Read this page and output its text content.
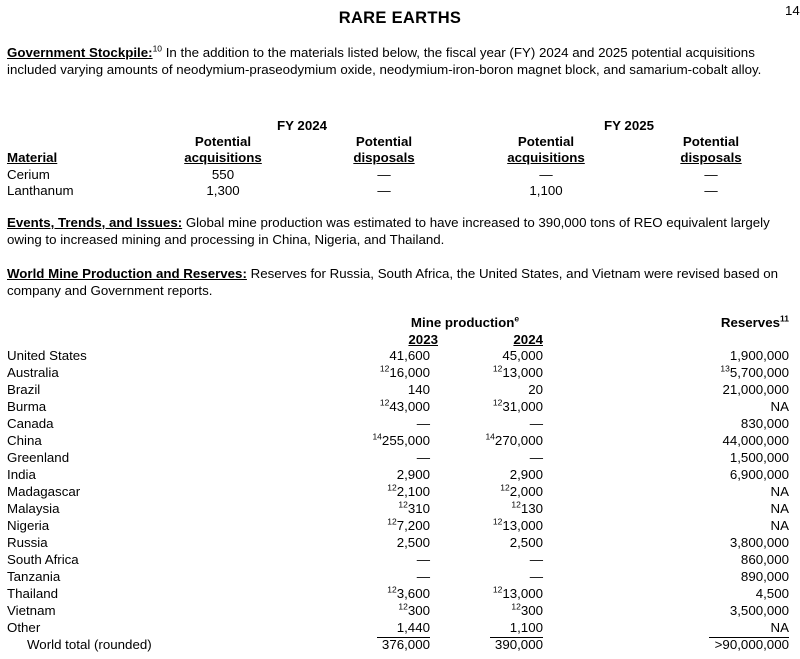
14
RARE EARTHS
Government Stockpile:$^{10}$ In the addition to the materials listed below, the fiscal year (FY) 2024 and 2025 potential acquisitions included varying amounts of neodymium-praseodymium oxide, neodymium-iron-boron magnet block, and samarium-cobalt alloy.
FY 2024	FY 2025
Potential	Potential	Potential	Potential
Material	acquisitions	disposals	acquisitions	disposals
Cerium	550	—	—	—
Lanthanum	1,300	—	1,100	—
Events, Trends, and Issues: Global mine production was estimated to have increased to 390,000 tons of REO equivalent largely owing to increased mining and processing in China, Nigeria, and Thailand.
World Mine Production and Reserves: Reserves for Russia, South Africa, the United States, and Vietnam were revised based on company and Government reports.
Mine production$^e$	Reserves$^{11}$
2023	2024
United States	41,600	45,000	1,900,000
Australia	$^{12}$16,000	$^{12}$13,000	$^{13}$5,700,000
Brazil	140	20	21,000,000
Burma	$^{12}$43,000	$^{12}$31,000	NA
Canada	—	—	830,000
China	$^{14}$255,000	$^{14}$270,000	44,000,000
Greenland	—	—	1,500,000
India	2,900	2,900	6,900,000
Madagascar	$^{12}$2,100	$^{12}$2,000	NA
Malaysia	$^{12}$310	$^{12}$130	NA
Nigeria	$^{12}$7,200	$^{12}$13,000	NA
Russia	2,500	2,500	3,800,000
South Africa	—	—	860,000
Tanzania	—	—	890,000
Thailand	$^{12}$3,600	$^{12}$13,000	4,500
Vietnam	$^{12}$300	$^{12}$300	3,500,000
Other	1,440	1,100	NA
World total (rounded)	376,000	390,000	>90,000,000
